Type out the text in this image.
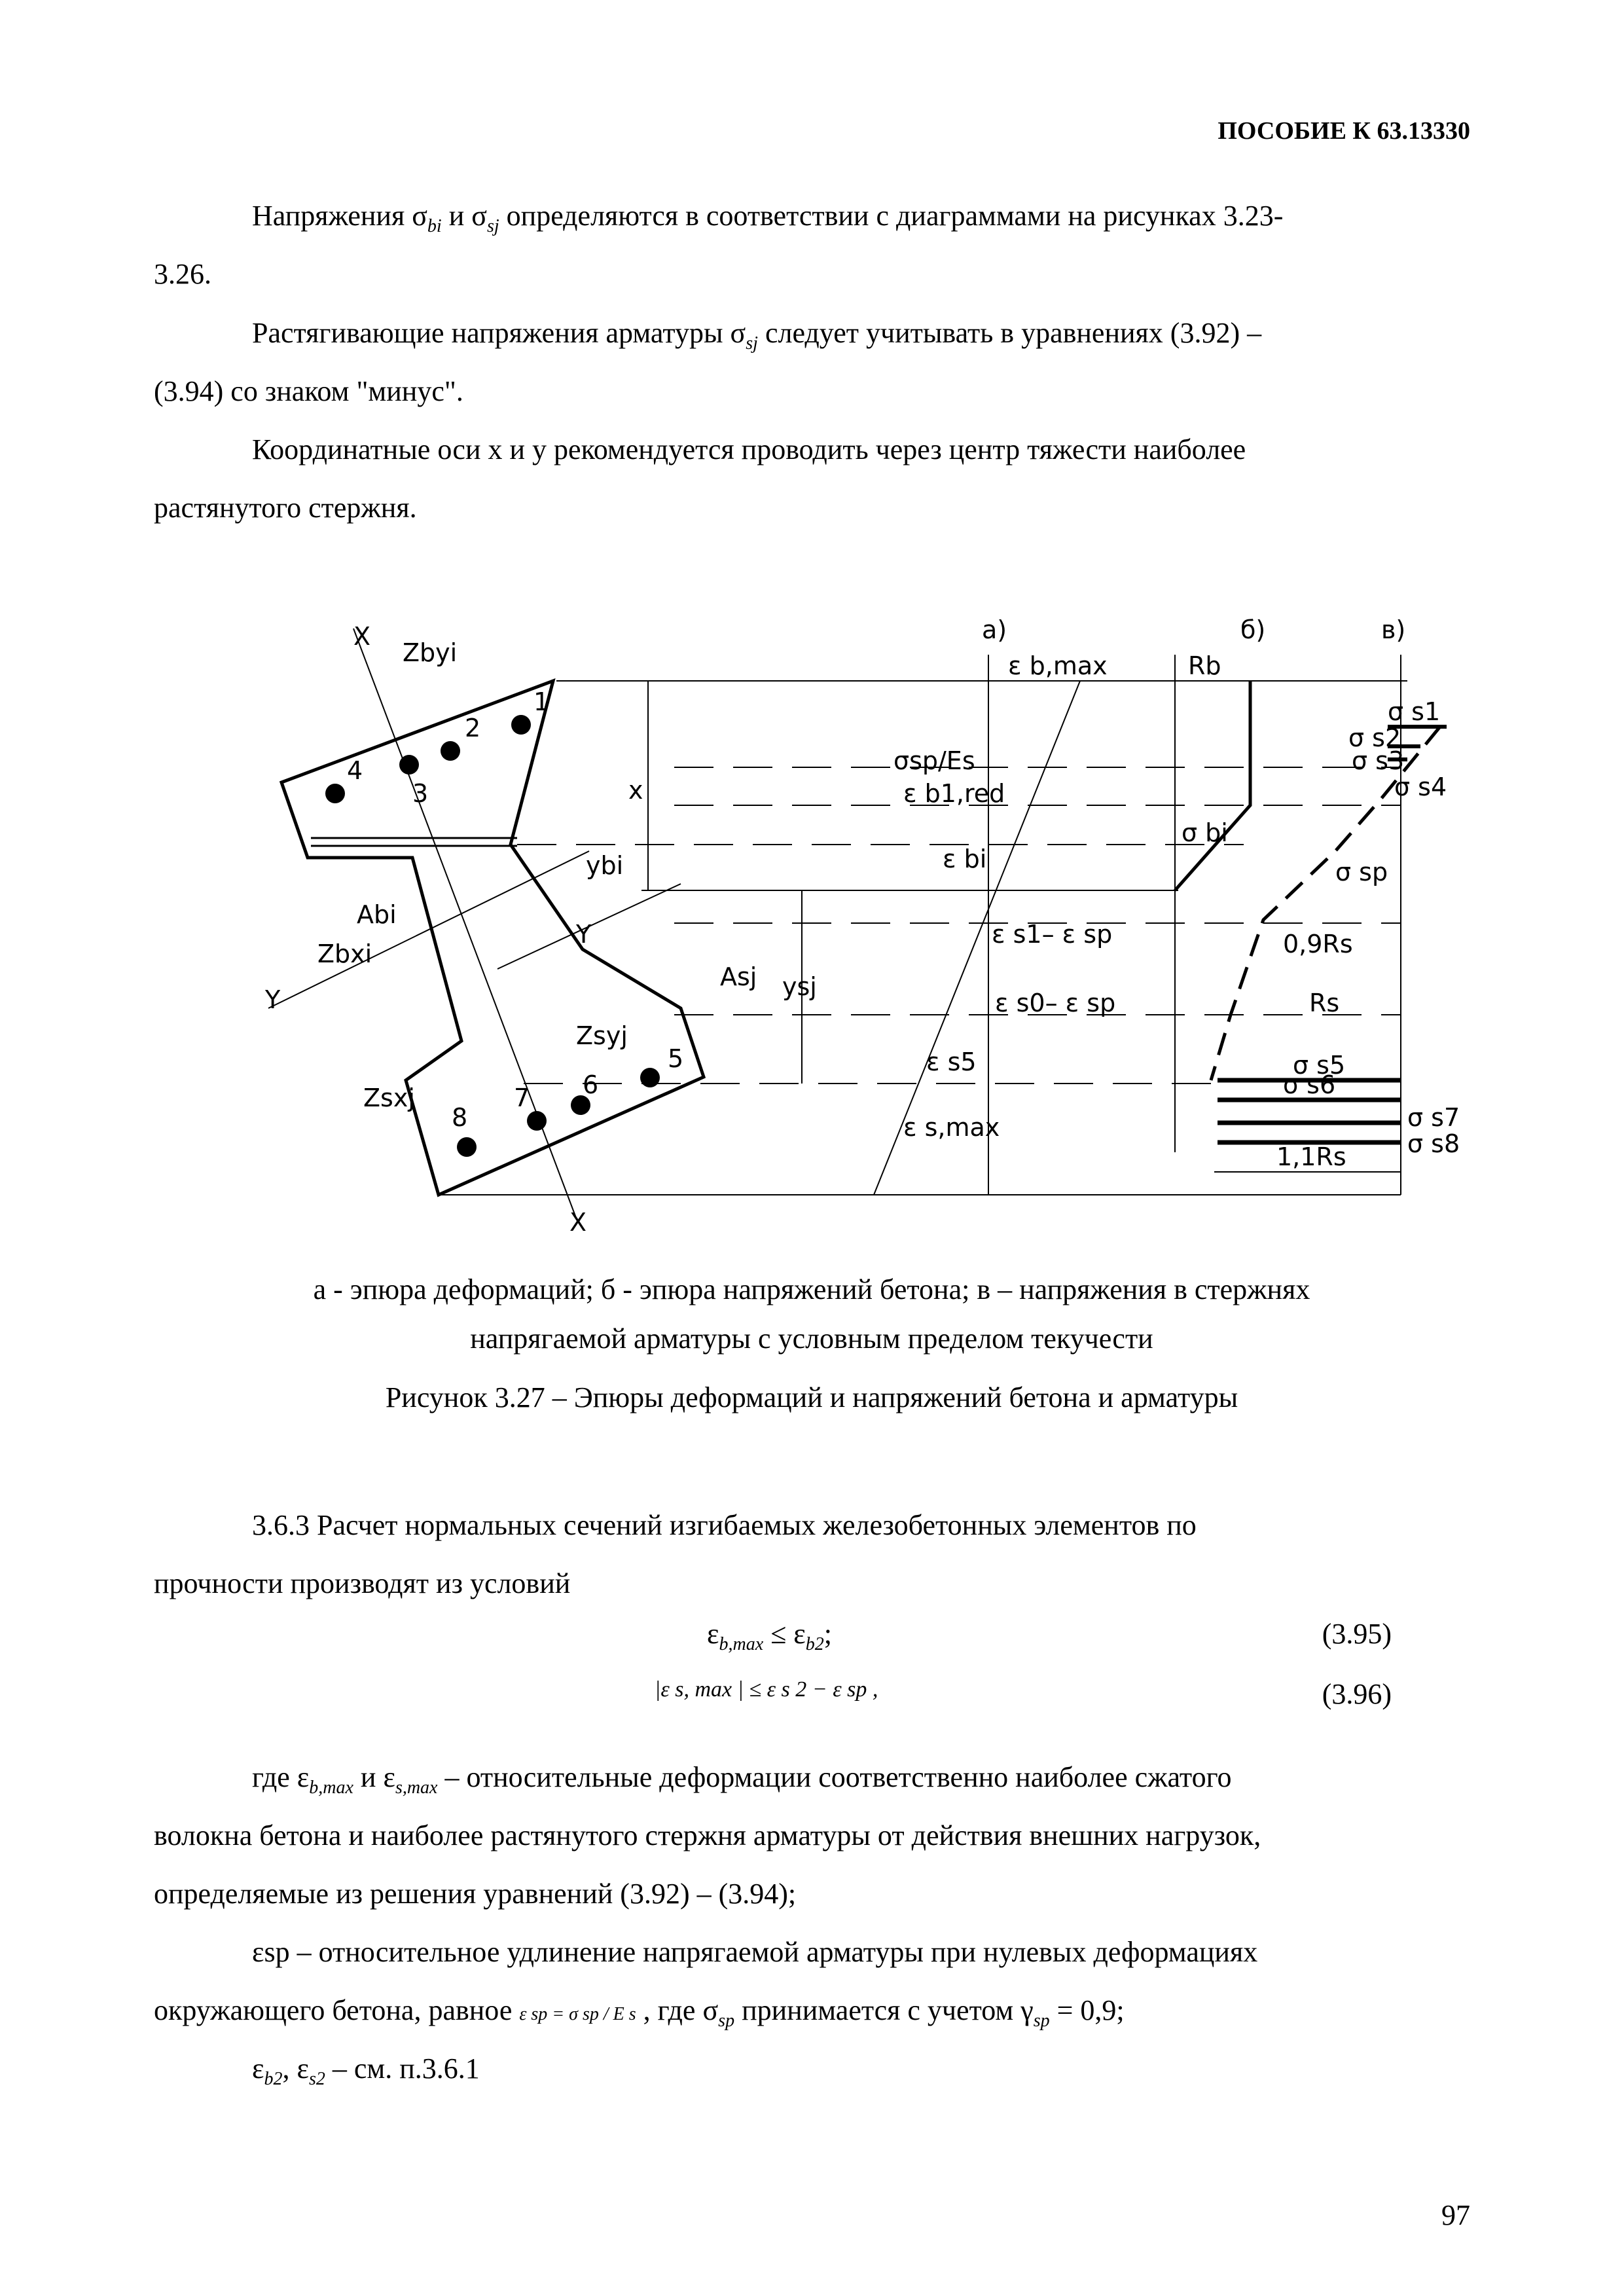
ПОСОБИЕ К 63.13330
Напряжения $\sigma_{bi}$ и $\sigma_{sj}$ определяются в соответствии с диаграммами на рисунках 3.23-
3.26.
Растягивающие напряжения арматуры $\sigma_{sj}$ следует учитывать в уравнениях (3.92) –
(3.94) со знаком "минус".
Координатные оси x и y рекомендуется проводить через центр тяжести наиболее
растянутого стержня.
а)	б)	в)
X
X
Y
Y
x
Zbyi
Zbxi
Zsxj
Zsyj
Abi
Asj
ybi
ysj
1
2
3
4
5
6
7
8
ε b,max
σsp/Es
ε b1,red
ε bi
ε s1– ε sp
ε s0– ε sp
ε s5
ε s,max
Rb
σ bi
σ s1
σ s2
σ s3
σ s4
σ sp
0,9Rs
Rs
σ s5
σ s6
σ s7
σ s8
1,1Rs
а - эпюра деформаций; б - эпюра напряжений бетона; в – напряжения в стержнях
напрягаемой арматуры с условным пределом текучести
Рисунок 3.27 – Эпюры деформаций и напряжений бетона и арматуры
3.6.3 Расчет нормальных сечений изгибаемых железобетонных элементов по
прочности производят из условий
$\varepsilon_{b,max} \le \varepsilon_{b2}$;	(3.95)
|ε s, max | ≤ ε s 2 − ε sp ,	(3.96)
где $\varepsilon_{b,max}$ и $\varepsilon_{s,max}$ – относительные деформации соответственно наиболее сжатого
волокна бетона и наиболее растянутого стержня арматуры от действия внешних нагрузок,
определяемые из решения уравнений (3.92) – (3.94);
εsp – относительное удлинение напрягаемой арматуры при нулевых деформациях
окружающего бетона, равное ε sp = σ sp / E s , где $\sigma_{sp}$ принимается с учетом $\gamma_{sp} = 0,9$;
$\varepsilon_{b2}$, $\varepsilon_{s2}$ – см. п.3.6.1
97
